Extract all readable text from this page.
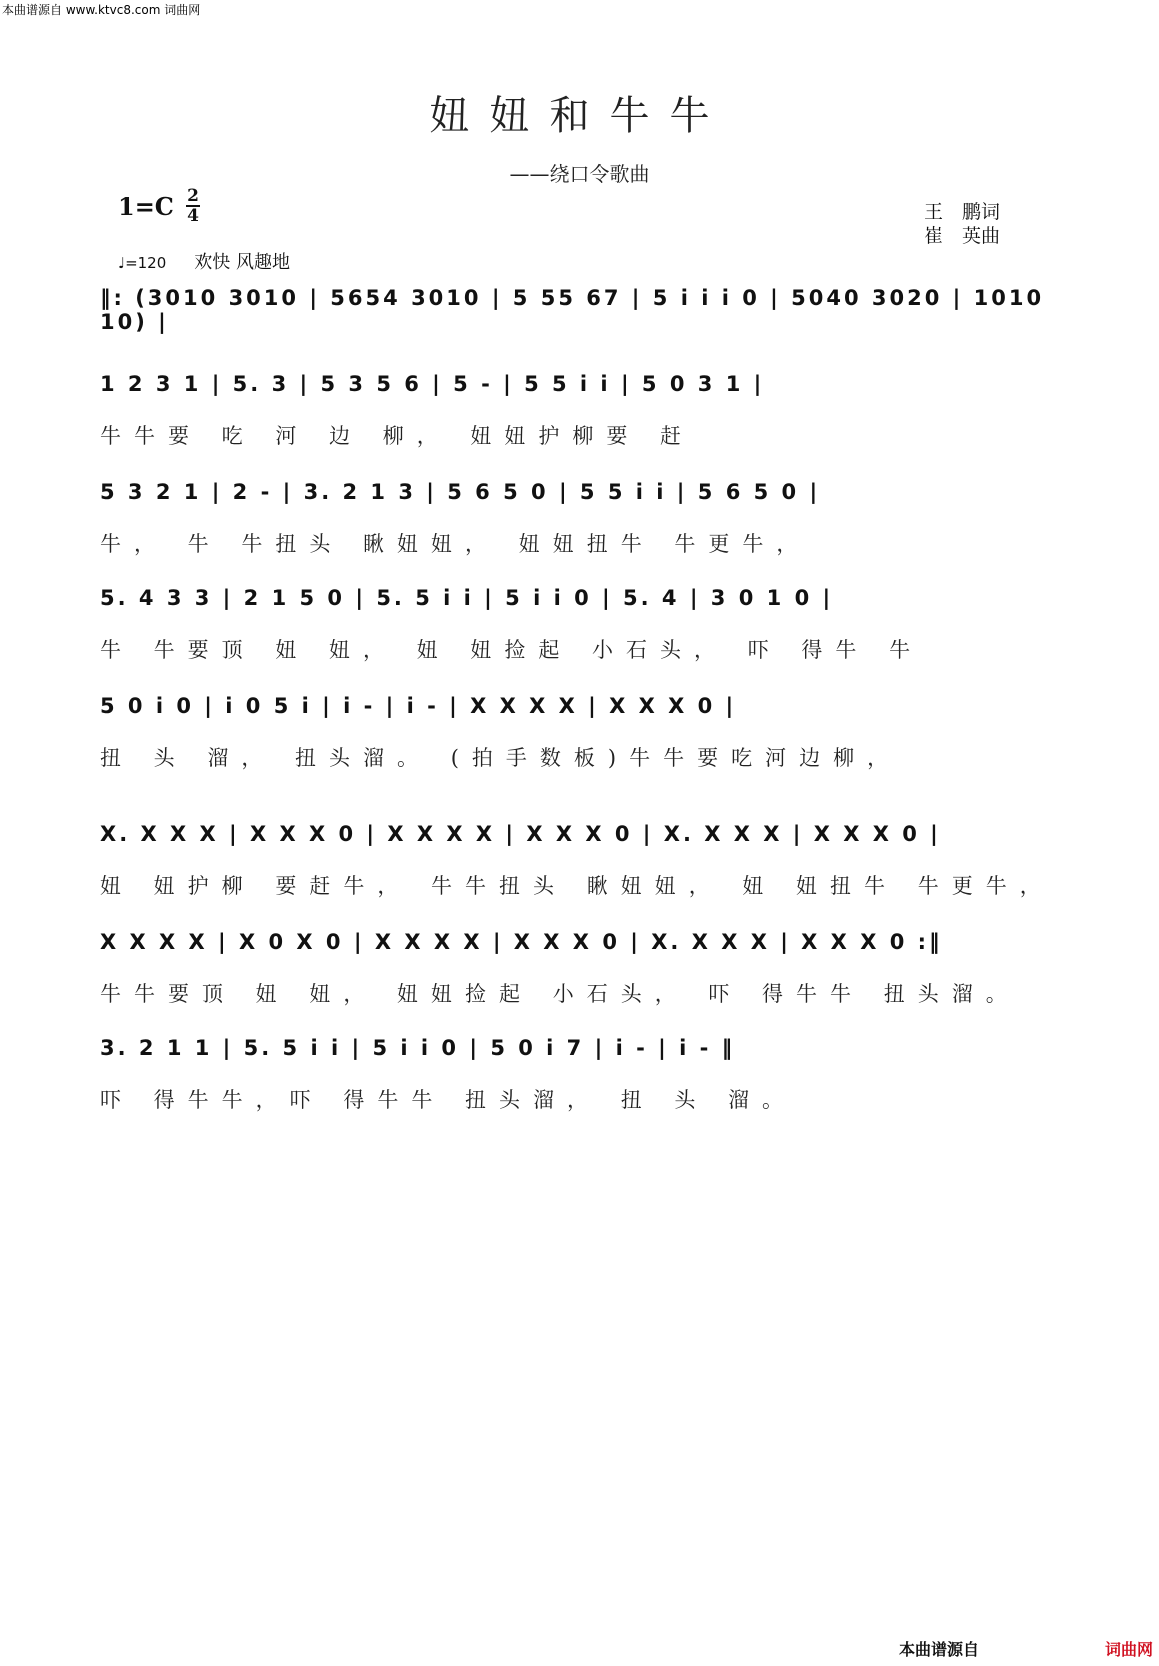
本曲谱源自 www.ktvc8.com 词曲网
妞妞和牛牛
——绕口令歌曲
1=C 2
4	王　鹏词
崔　英曲
♩=120 欢快 风趣地
‖: (3010 3010 | 5654 3010 | 5 55 67 | 5 i i i 0 | 5040 3020 | 1010 10) |
1 2 3 1 | 5. 3 | 5 3 5 6 | 5 - | 5 5 i i | 5 0 3 1 |
牛牛要 吃 河 边 柳， 妞妞护柳要 赶
5 3 2 1 | 2 - | 3. 2 1 3 | 5 6 5 0 | 5 5 i i | 5 6 5 0 |
牛， 牛 牛扭头 瞅妞妞， 妞妞扭牛 牛更牛，
5. 4 3 3 | 2 1 5 0 | 5. 5 i i | 5 i i 0 | 5. 4 | 3 0 1 0 |
牛 牛要顶 妞 妞， 妞 妞捡起 小石头， 吓 得牛 牛
5 0 i 0 | i 0 5 i | i - | i - | X X X X | X X X 0 |
扭 头 溜， 扭头溜。 (拍手数板)牛牛要吃河边柳，
X. X X X | X X X 0 | X X X X | X X X 0 | X. X X X | X X X 0 |
妞 妞护柳 要赶牛， 牛牛扭头 瞅妞妞， 妞 妞扭牛 牛更牛，
X X X X | X 0 X 0 | X X X X | X X X 0 | X. X X X | X X X 0 :‖
牛牛要顶 妞 妞， 妞妞捡起 小石头， 吓 得牛牛 扭头溜。
3. 2 1 1 | 5. 5 i i | 5 i i 0 | 5 0 i 7 | i - | i - ‖
吓 得牛牛，吓 得牛牛 扭头溜， 扭 头 溜。
本曲谱源自	词曲网
